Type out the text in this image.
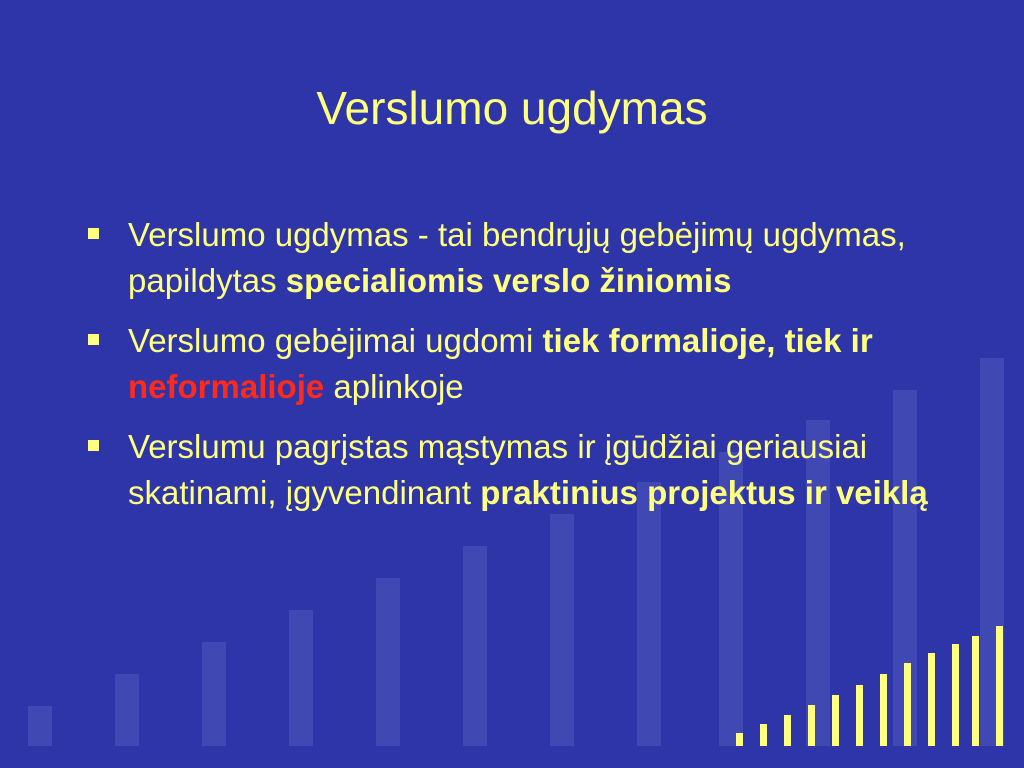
Verslumo ugdymas
Verslumo ugdymas - tai bendrųjų gebėjimų ugdymas, papildytas specialiomis verslo žiniomis
Verslumo gebėjimai ugdomi tiek formalioje, tiek ir neformalioje aplinkoje
Verslumu pagrįstas mąstymas ir įgūdžiai geriausiai skatinami, įgyvendinant praktinius projektus ir veiklą
